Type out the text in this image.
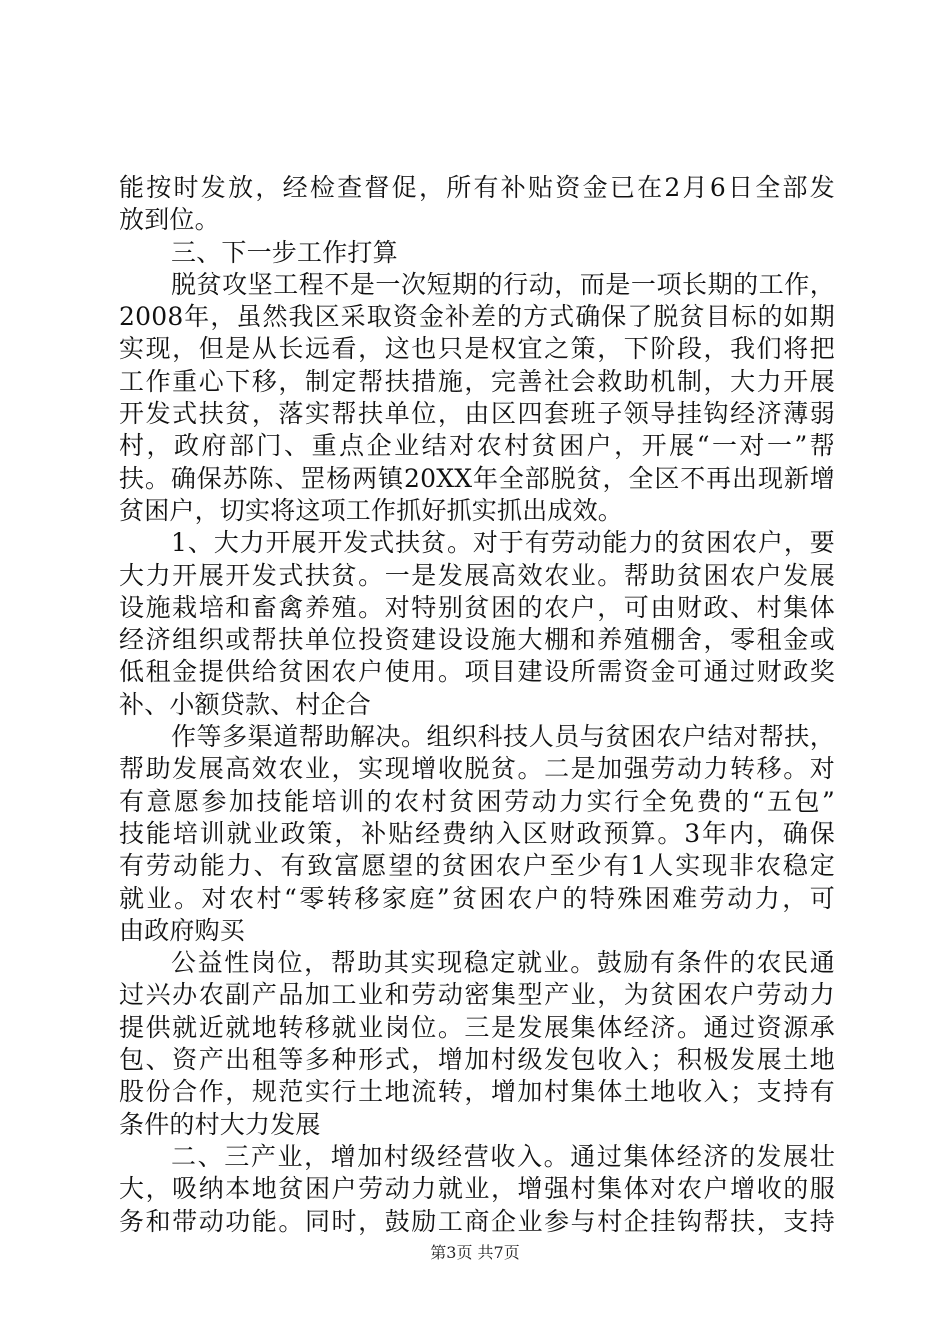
能按时发放，经检查督促，所有补贴资金已在2月6日全部发
放到位。
三、下一步工作打算
脱贫攻坚工程不是一次短期的行动，而是一项长期的工作，
2008年，虽然我区采取资金补差的方式确保了脱贫目标的如期
实现，但是从长远看，这也只是权宜之策，下阶段，我们将把
工作重心下移，制定帮扶措施，完善社会救助机制，大力开展
开发式扶贫，落实帮扶单位，由区四套班子领导挂钩经济薄弱
村，政府部门、重点企业结对农村贫困户，开展“一对一”帮
扶。确保苏陈、罡杨两镇20XX年全部脱贫，全区不再出现新增
贫困户，切实将这项工作抓好抓实抓出成效。
1、大力开展开发式扶贫。对于有劳动能力的贫困农户，要
大力开展开发式扶贫。一是发展高效农业。帮助贫困农户发展
设施栽培和畜禽养殖。对特别贫困的农户，可由财政、村集体
经济组织或帮扶单位投资建设设施大棚和养殖棚舍，零租金或
低租金提供给贫困农户使用。项目建设所需资金可通过财政奖
补、小额贷款、村企合
作等多渠道帮助解决。组织科技人员与贫困农户结对帮扶，
帮助发展高效农业，实现增收脱贫。二是加强劳动力转移。对
有意愿参加技能培训的农村贫困劳动力实行全免费的“五包”
技能培训就业政策，补贴经费纳入区财政预算。3年内，确保
有劳动能力、有致富愿望的贫困农户至少有1人实现非农稳定
就业。对农村“零转移家庭”贫困农户的特殊困难劳动力，可
由政府购买
公益性岗位，帮助其实现稳定就业。鼓励有条件的农民通
过兴办农副产品加工业和劳动密集型产业，为贫困农户劳动力
提供就近就地转移就业岗位。三是发展集体经济。通过资源承
包、资产出租等多种形式，增加村级发包收入；积极发展土地
股份合作，规范实行土地流转，增加村集体土地收入；支持有
条件的村大力发展
二、三产业，增加村级经营收入。通过集体经济的发展壮
大，吸纳本地贫困户劳动力就业，增强村集体对农户增收的服
务和带动功能。同时，鼓励工商企业参与村企挂钩帮扶，支持
第3页 共7页
